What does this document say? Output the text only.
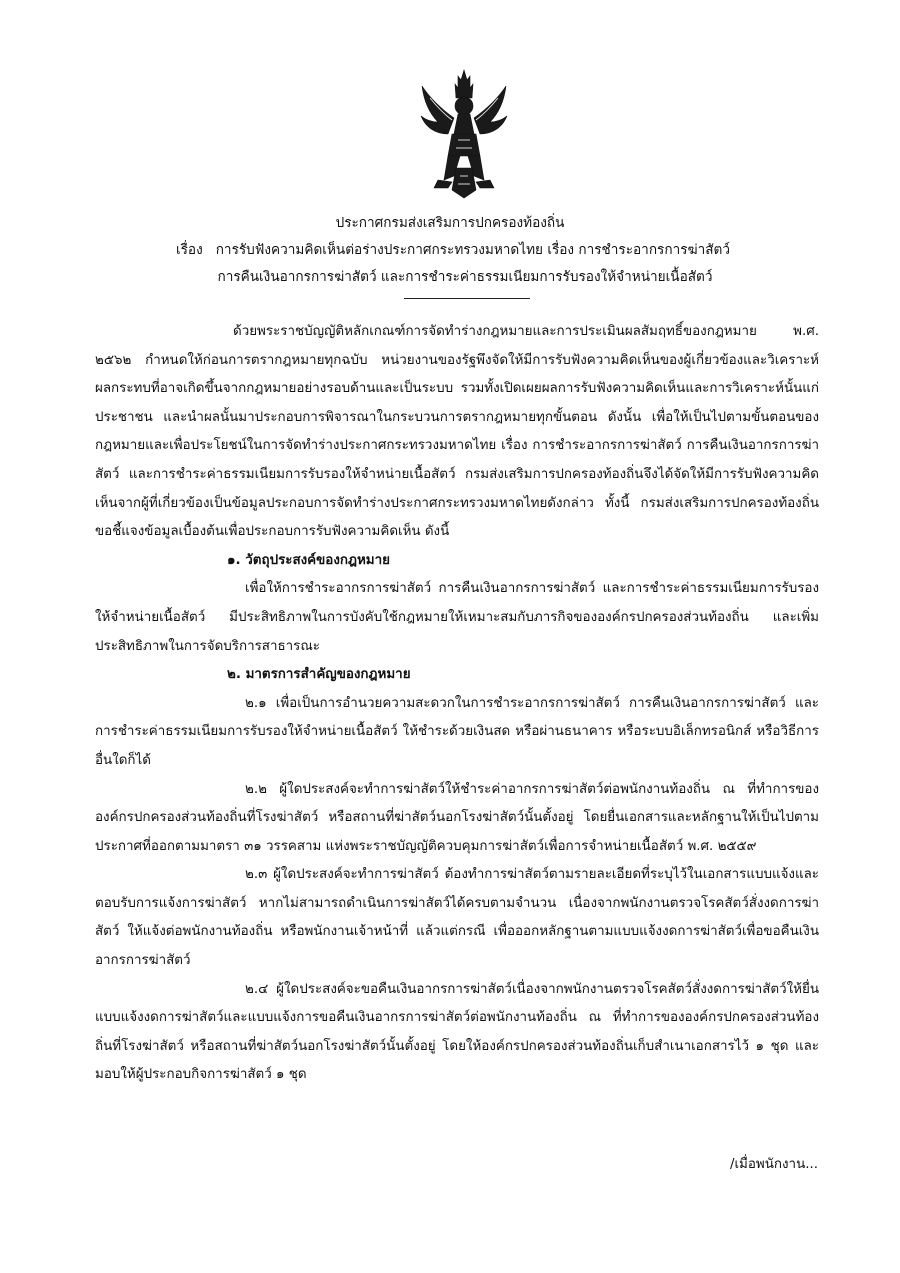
ประกาศกรมส่งเสริมการปกครองท้องถิ่น
เรื่อง การรับฟังความคิดเห็นต่อร่างประกาศกระทรวงมหาดไทย เรื่อง การชำระอากรการฆ่าสัตว์
การคืนเงินอากรการฆ่าสัตว์ และการชำระค่าธรรมเนียมการรับรองให้จำหน่ายเนื้อสัตว์

ด้วยพระราชบัญญัติหลักเกณฑ์การจัดทำร่างกฎหมายและการประเมินผลสัมฤทธิ์ของกฎหมาย พ.ศ. ๒๕๖๒ กำหนดให้ก่อนการตรากฎหมายทุกฉบับ หน่วยงานของรัฐพึงจัดให้มีการรับฟังความคิดเห็นของผู้เกี่ยวข้องและวิเคราะห์ผลกระทบที่อาจเกิดขึ้นจากกฎหมายอย่างรอบด้านและเป็นระบบ รวมทั้งเปิดเผยผลการรับฟังความคิดเห็นและการวิเคราะห์นั้นแก่ประชาชน และนำผลนั้นมาประกอบการพิจารณาในกระบวนการตรากฎหมายทุกขั้นตอน ดังนั้น เพื่อให้เป็นไปตามขั้นตอนของกฎหมายและเพื่อประโยชน์ในการจัดทำร่างประกาศกระทรวงมหาดไทย เรื่อง การชำระอากรการฆ่าสัตว์ การคืนเงินอากรการฆ่าสัตว์ และการชำระค่าธรรมเนียมการรับรองให้จำหน่ายเนื้อสัตว์ กรมส่งเสริมการปกครองท้องถิ่นจึงได้จัดให้มีการรับฟังความคิดเห็นจากผู้ที่เกี่ยวข้องเป็นข้อมูลประกอบการจัดทำร่างประกาศกระทรวงมหาดไทยดังกล่าว ทั้งนี้ กรมส่งเสริมการปกครองท้องถิ่นขอชี้แจงข้อมูลเบื้องต้นเพื่อประกอบการรับฟังความคิดเห็น ดังนี้

๑. วัตถุประสงค์ของกฎหมาย

เพื่อให้การชำระอากรการฆ่าสัตว์ การคืนเงินอากรการฆ่าสัตว์ และการชำระค่าธรรมเนียมการรับรองให้จำหน่ายเนื้อสัตว์ มีประสิทธิภาพในการบังคับใช้กฎหมายให้เหมาะสมกับภารกิจขององค์กรปกครองส่วนท้องถิ่น และเพิ่มประสิทธิภาพในการจัดบริการสาธารณะ

๒. มาตรการสำคัญของกฎหมาย

๒.๑ เพื่อเป็นการอำนวยความสะดวกในการชำระอากรการฆ่าสัตว์ การคืนเงินอากรการฆ่าสัตว์ และการชำระค่าธรรมเนียมการรับรองให้จำหน่ายเนื้อสัตว์ ให้ชำระด้วยเงินสด หรือผ่านธนาคาร หรือระบบอิเล็กทรอนิกส์ หรือวิธีการอื่นใดก็ได้

๒.๒ ผู้ใดประสงค์จะทำการฆ่าสัตว์ให้ชำระค่าอากรการฆ่าสัตว์ต่อพนักงานท้องถิ่น ณ ที่ทำการขององค์กรปกครองส่วนท้องถิ่นที่โรงฆ่าสัตว์ หรือสถานที่ฆ่าสัตว์นอกโรงฆ่าสัตว์นั้นตั้งอยู่ โดยยื่นเอกสารและหลักฐานให้เป็นไปตามประกาศที่ออกตามมาตรา ๓๑ วรรคสาม แห่งพระราชบัญญัติควบคุมการฆ่าสัตว์เพื่อการจำหน่ายเนื้อสัตว์ พ.ศ. ๒๕๕๙

๒.๓ ผู้ใดประสงค์จะทำการฆ่าสัตว์ ต้องทำการฆ่าสัตว์ตามรายละเอียดที่ระบุไว้ในเอกสารแบบแจ้งและตอบรับการแจ้งการฆ่าสัตว์ หากไม่สามารถดำเนินการฆ่าสัตว์ได้ครบตามจำนวน เนื่องจากพนักงานตรวจโรคสัตว์สั่งงดการฆ่าสัตว์ ให้แจ้งต่อพนักงานท้องถิ่น หรือพนักงานเจ้าหน้าที่ แล้วแต่กรณี เพื่อออกหลักฐานตามแบบแจ้งงดการฆ่าสัตว์เพื่อขอคืนเงินอากรการฆ่าสัตว์

๒.๔ ผู้ใดประสงค์จะขอคืนเงินอากรการฆ่าสัตว์เนื่องจากพนักงานตรวจโรคสัตว์สั่งงดการฆ่าสัตว์ให้ยื่นแบบแจ้งงดการฆ่าสัตว์และแบบแจ้งการขอคืนเงินอากรการฆ่าสัตว์ต่อพนักงานท้องถิ่น ณ ที่ทำการขององค์กรปกครองส่วนท้องถิ่นที่โรงฆ่าสัตว์ หรือสถานที่ฆ่าสัตว์นอกโรงฆ่าสัตว์นั้นตั้งอยู่ โดยให้องค์กรปกครองส่วนท้องถิ่นเก็บสำเนาเอกสารไว้ ๑ ชุด และมอบให้ผู้ประกอบกิจการฆ่าสัตว์ ๑ ชุด

/เมื่อพนักงาน...
